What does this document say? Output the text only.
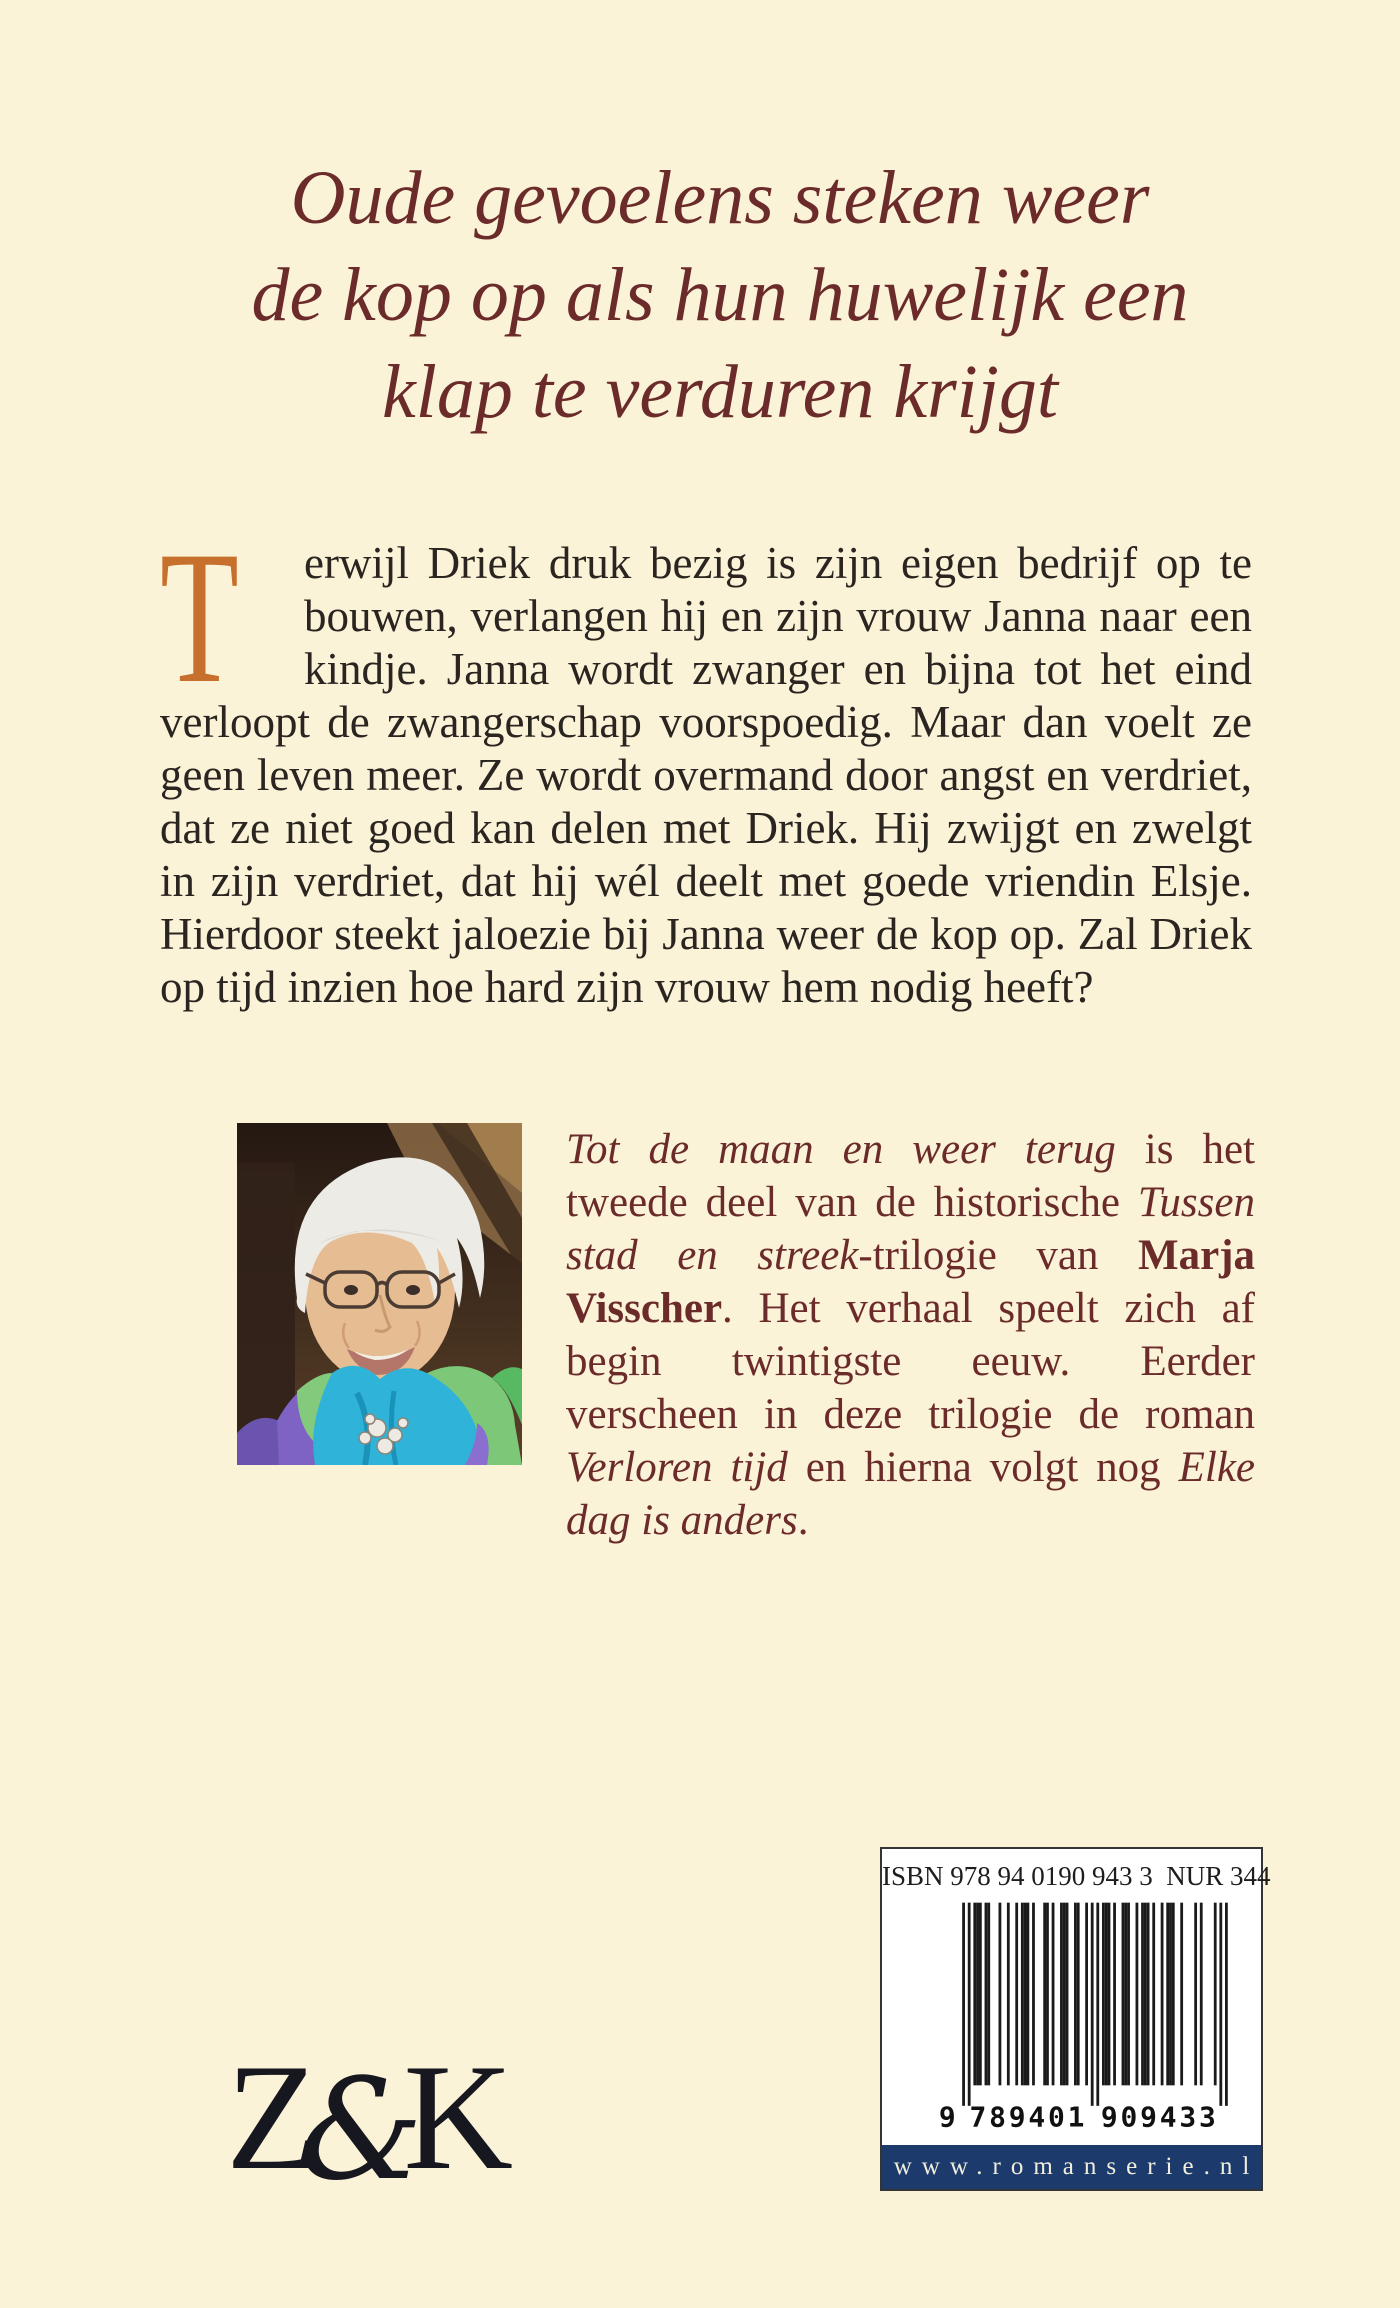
Oude gevoelens steken weer
de kop op als hun huwelijk een
klap te verduren krijgt

T erwijl Driek druk bezig is zijn eigen bedrijf op te bouwen, verlangen hij en zijn vrouw Janna naar een kindje. Janna wordt zwanger en bijna tot het eind verloopt de zwangerschap voorspoedig. Maar dan voelt ze geen leven meer. Ze wordt overmand door angst en verdriet, dat ze niet goed kan delen met Driek. Hij zwijgt en zwelgt in zijn verdriet, dat hij wél deelt met goede vriendin Elsje. Hierdoor steekt jaloezie bij Janna weer de kop op. Zal Driek op tijd inzien hoe hard zijn vrouw hem nodig heeft?

Tot de maan en weer terug is het tweede deel van de historische Tussen stad en streek-trilogie van Marja Visscher. Het verhaal speelt zich af begin twintigste eeuw. Eerder verscheen in deze trilogie de roman Verloren tijd en hierna volgt nog Elke dag is anders.

ISBN 978 94 0190 943 3  NUR 344
9 789401 909433
www.romanserie.nl
Z&K
